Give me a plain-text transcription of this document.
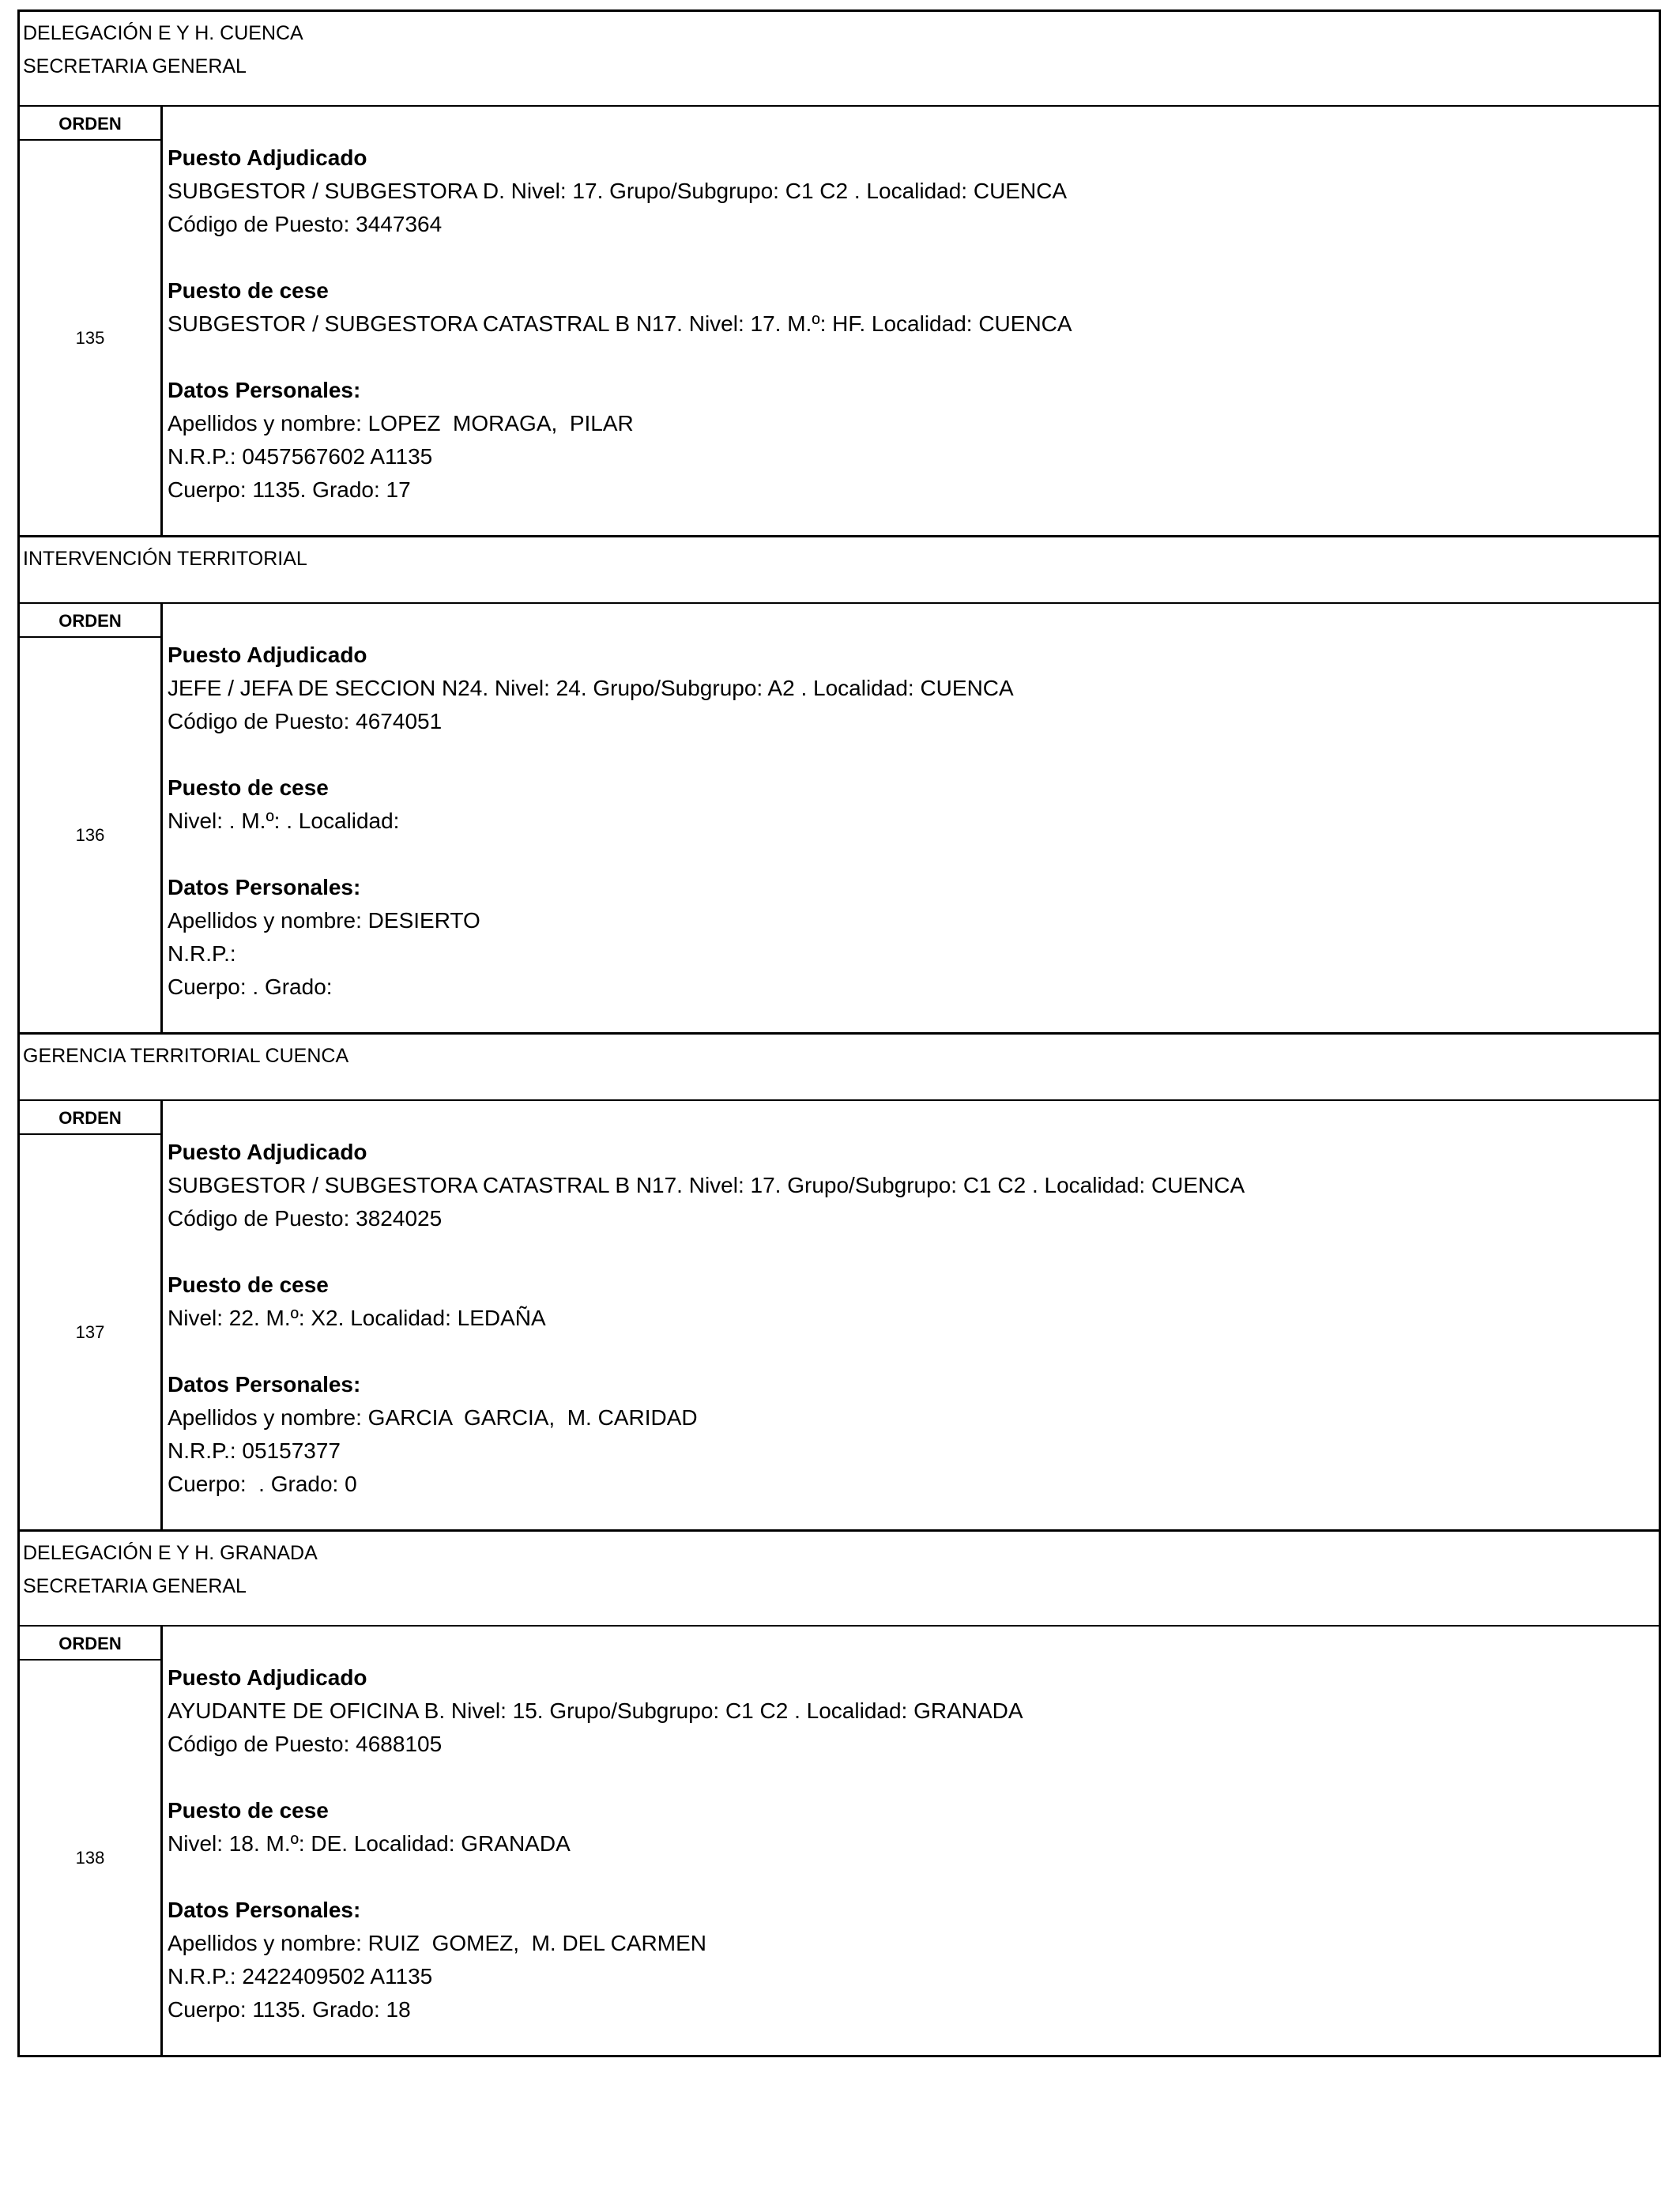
DELEGACIÓN E Y H. CUENCA
SECRETARIA GENERAL
ORDEN
135
Puesto Adjudicado
SUBGESTOR / SUBGESTORA D. Nivel: 17. Grupo/Subgrupo: C1 C2 . Localidad: CUENCA
Código de Puesto: 3447364
Puesto de cese
SUBGESTOR / SUBGESTORA CATASTRAL B N17. Nivel: 17. M.º: HF. Localidad: CUENCA
Datos Personales:
Apellidos y nombre: LOPEZ  MORAGA,  PILAR
N.R.P.: 0457567602 A1135
Cuerpo: 1135. Grado: 17
INTERVENCIÓN TERRITORIAL
ORDEN
136
Puesto Adjudicado
JEFE / JEFA DE SECCION N24. Nivel: 24. Grupo/Subgrupo: A2 . Localidad: CUENCA
Código de Puesto: 4674051
Puesto de cese
Nivel: . M.º: . Localidad:
Datos Personales:
Apellidos y nombre: DESIERTO
N.R.P.:
Cuerpo: . Grado:
GERENCIA TERRITORIAL CUENCA
ORDEN
137
Puesto Adjudicado
SUBGESTOR / SUBGESTORA CATASTRAL B N17. Nivel: 17. Grupo/Subgrupo: C1 C2 . Localidad: CUENCA
Código de Puesto: 3824025
Puesto de cese
Nivel: 22. M.º: X2. Localidad: LEDAÑA
Datos Personales:
Apellidos y nombre: GARCIA  GARCIA,  M. CARIDAD
N.R.P.: 05157377
Cuerpo:  . Grado: 0
DELEGACIÓN E Y H. GRANADA
SECRETARIA GENERAL
ORDEN
138
Puesto Adjudicado
AYUDANTE DE OFICINA B. Nivel: 15. Grupo/Subgrupo: C1 C2 . Localidad: GRANADA
Código de Puesto: 4688105
Puesto de cese
Nivel: 18. M.º: DE. Localidad: GRANADA
Datos Personales:
Apellidos y nombre: RUIZ  GOMEZ,  M. DEL CARMEN
N.R.P.: 2422409502 A1135
Cuerpo: 1135. Grado: 18
